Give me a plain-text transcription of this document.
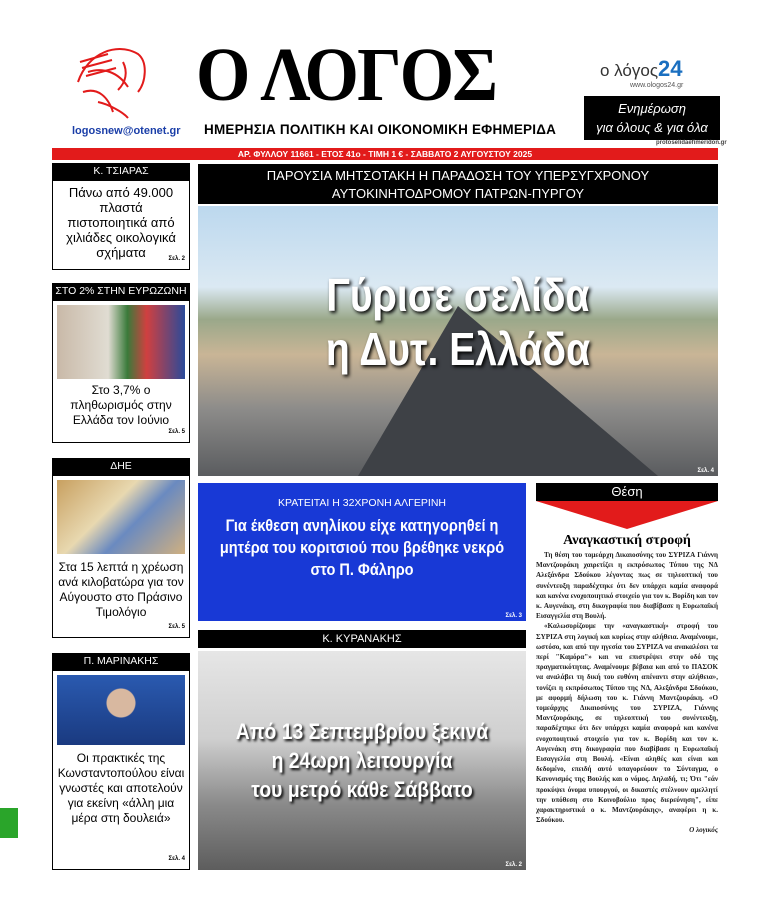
logosnew@otenet.gr
Ο ΛΟΓΟΣ
ΗΜΕΡΗΣΙΑ ΠΟΛΙΤΙΚΗ ΚΑΙ ΟΙΚΟΝΟΜΙΚΗ ΕΦΗΜΕΡΙΔΑ
ο λόγος24
www.ologos24.gr
Ενημέρωση
για όλους & για όλα
protoselidaefimeridon.gr
ΑΡ. ΦΥΛΛΟΥ 11661 - ΕΤΟΣ 41ο - ΤΙΜΗ 1 € - ΣΑΒΒΑΤΟ 2 ΑΥΓΟΥΣΤΟΥ 2025
Κ. ΤΣΙΑΡΑΣ
Πάνω από 49.000 πλαστά πιστοποιητικά από χιλιάδες οικολογικά σχήματα	Σελ. 2
ΣΤΟ 2% ΣΤΗΝ ΕΥΡΩΖΩΝΗ
Στο 3,7% ο πληθωρισμός στην Ελλάδα τον Ιούνιο
Σελ. 5
ΔΗΕ
Στα 15 λεπτά η χρέωση ανά κιλοβατώρα για τον Αύγουστο στο Πράσινο Τιμολόγιο
Σελ. 5
Π. ΜΑΡΙΝΑΚΗΣ
Οι πρακτικές της Κωνσταντοπούλου είναι γνωστές και αποτελούν για εκείνη «άλλη μια μέρα στη δουλειά»
Σελ. 4
ΠΑΡΟΥΣΙΑ ΜΗΤΣΟΤΑΚΗ Η ΠΑΡΑΔΟΣΗ ΤΟΥ ΥΠΕΡΣΥΓΧΡΟΝΟΥ ΑΥΤΟΚΙΝΗΤΟΔΡΟΜΟΥ ΠΑΤΡΩΝ-ΠΥΡΓΟΥ
Γύρισε σελίδα
η Δυτ. Ελλάδα
Σελ. 4
ΚΡΑΤΕΙΤΑΙ Η 32ΧΡΟΝΗ ΑΛΓΕΡΙΝΗ
Για έκθεση ανηλίκου είχε κατηγορηθεί η μητέρα του κοριτσιού που βρέθηκε νεκρό στο Π. Φάληρο
Σελ. 3
Κ. ΚΥΡΑΝΑΚΗΣ
Από 13 Σεπτεμβρίου ξεκινά
η 24ωρη λειτουργία
του μετρό κάθε Σάββατο
Σελ. 2
Θέση
Αναγκαστική στροφή

Τη θέση του τομεάρχη Δικαιοσύνης του ΣΥΡΙΖΑ Γιάννη Μαντζουράκη χαιρετίζει η εκπρόσωπος Τύπου της ΝΔ Αλεξάνδρα Σδούκου λέγοντας πως σε τηλεοπτική του συνέντευξη παραδέχτηκε ότι δεν υπάρχει καμία αναφορά και κανένα ενοχοποιητικό στοιχείο για τον κ. Βορίδη και τον κ. Αυγενάκη, στη δικογραφία που διαβίβασε η Ευρωπαϊκή Εισαγγελία στη Βουλή.

«Καλωσορίζουμε την «αναγκαστική» στροφή του ΣΥΡΙΖΑ στη λογική και κυρίως στην αλήθεια. Αναμένουμε, ωστόσο, και από την ηγεσία του ΣΥΡΙΖΑ να ανακαλέσει τα περί "Καμόρα"» και να επιστρέψει στην οδό της πραγματικότητας. Αναμένουμε βέβαια και από το ΠΑΣΟΚ να αναλάβει τη δική του ευθύνη απέναντι στην αλήθεια», τονίζει η εκπρόσωπος Τύπου της ΝΔ, Αλεξάνδρα Σδούκου, με αφορμή δήλωση του κ. Γιάννη Μαντζουράκη. «Ο τομεάρχης Δικαιοσύνης του ΣΥΡΙΖΑ, Γιάννης Μαντζουράκης, σε τηλεοπτική του συνέντευξη, παραδέχτηκε ότι δεν υπάρχει καμία αναφορά και κανένα ενοχοποιητικό στοιχείο για τον κ. Βορίδη και τον κ. Αυγενάκη στη δικογραφία που διαβίβασε η Ευρωπαϊκή Εισαγγελία στη Βουλή. «Είναι αληθές και είναι και δεδομένο, επειδή αυτό υπαγορεύουν το Σύνταγμα, ο Κανονισμός της Βουλής και ο νόμος. Δηλαδή, τι; Ότι "εάν προκύψει όνομα υπουργού, οι δικαστές στέλνουν αμελλητί την υπόθεση στο Κοινοβούλιο προς διερεύνηση", είπε χαρακτηριστικά ο κ. Μαντζουράκης», αναφέρει η κ. Σδούκου.

Ο λογικός
